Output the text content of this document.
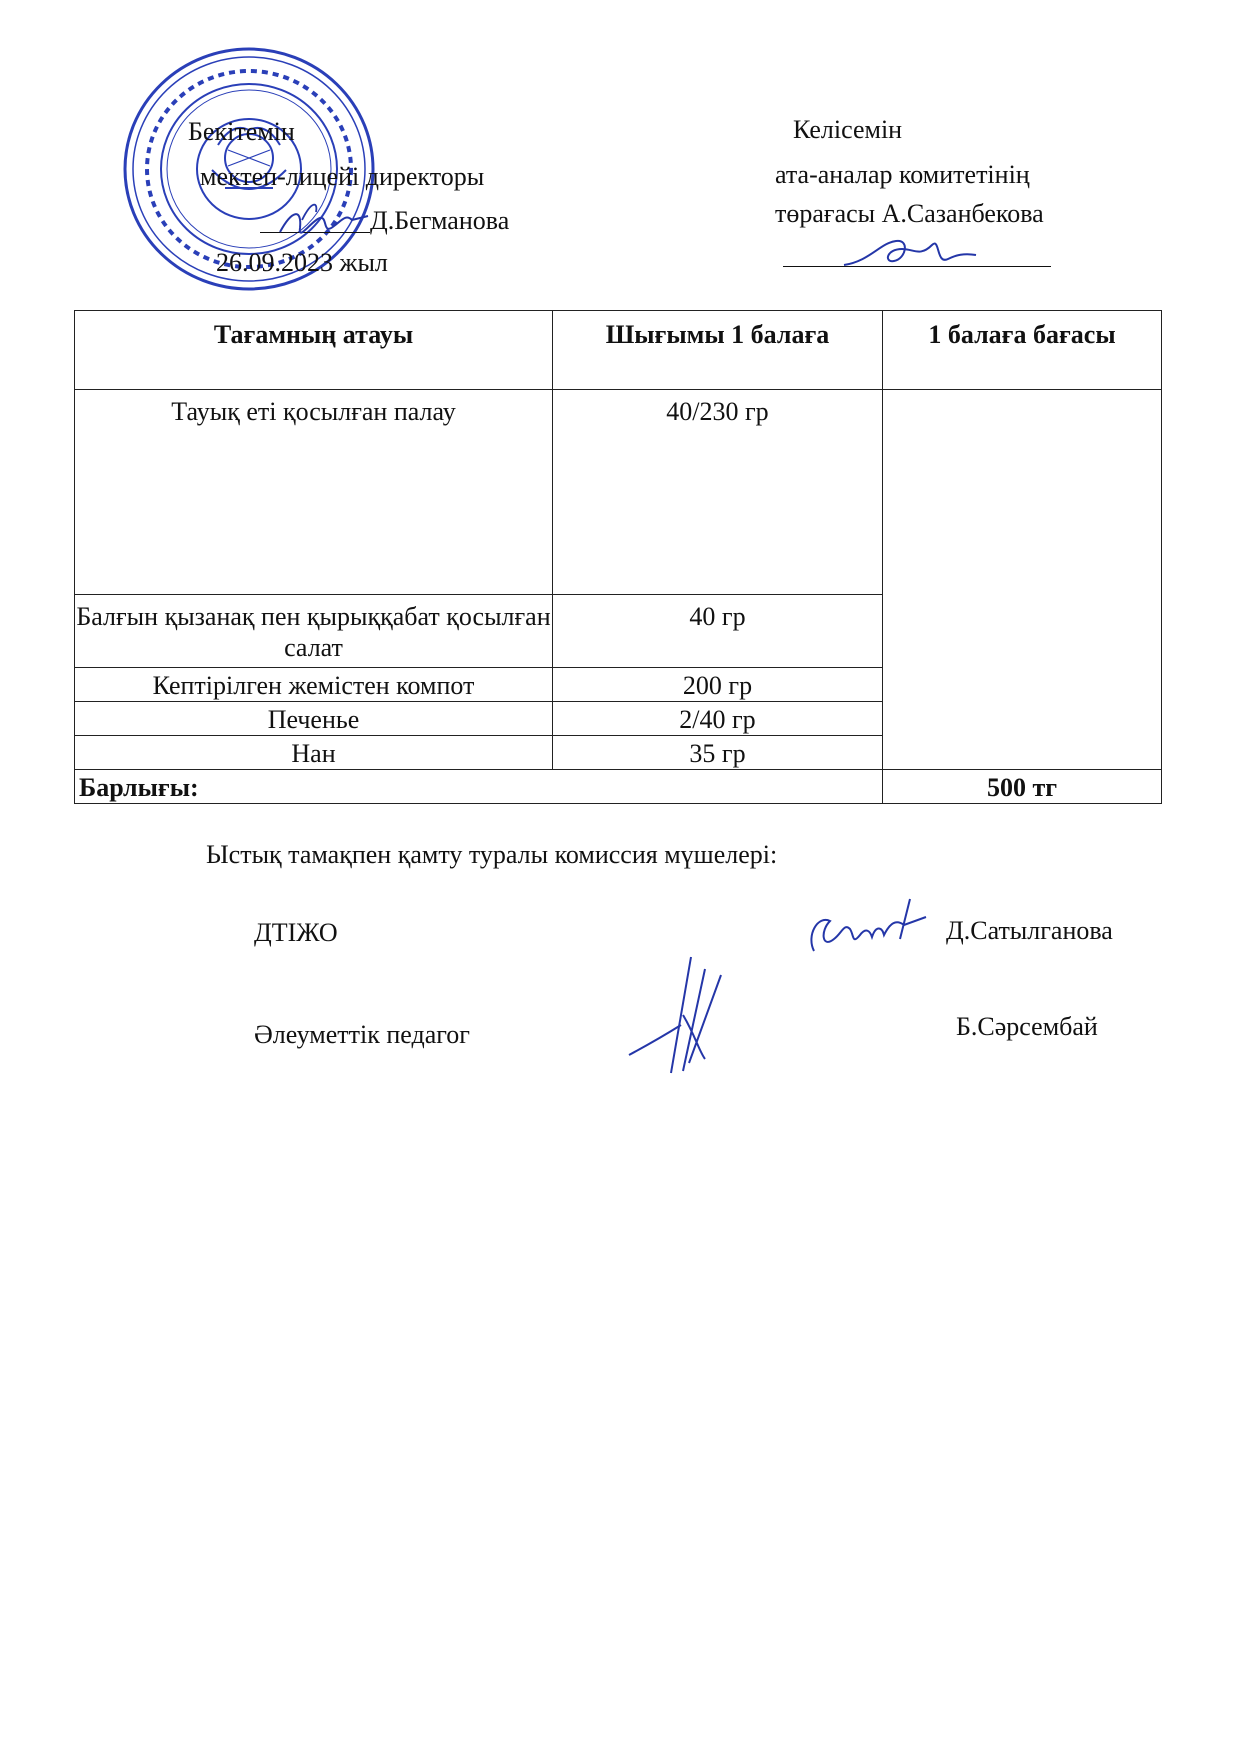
Бекітемін
мектеп-лицейі директоры
Д.Бегманова
26.09.2023 жыл
Келісемін
ата-аналар комитетінің
төрағасы А.Сазанбекова
Тағамның атауы	Шығымы 1 балаға	1 балаға бағасы
Тауық еті қосылған палау	40/230 гр	
Балғын қызанақ пен қырыққабат қосылған салат	40 гр	
Кептірілген жемістен компот	200 гр	
Печенье	2/40 гр	
Нан	35 гр	
Барлығы:		500 тг
Ыстық тамақпен қамту туралы комиссия мүшелері:
ДТІЖО	Д.Сатылганова
Әлеуметтік педагог	Б.Сәрсембай
